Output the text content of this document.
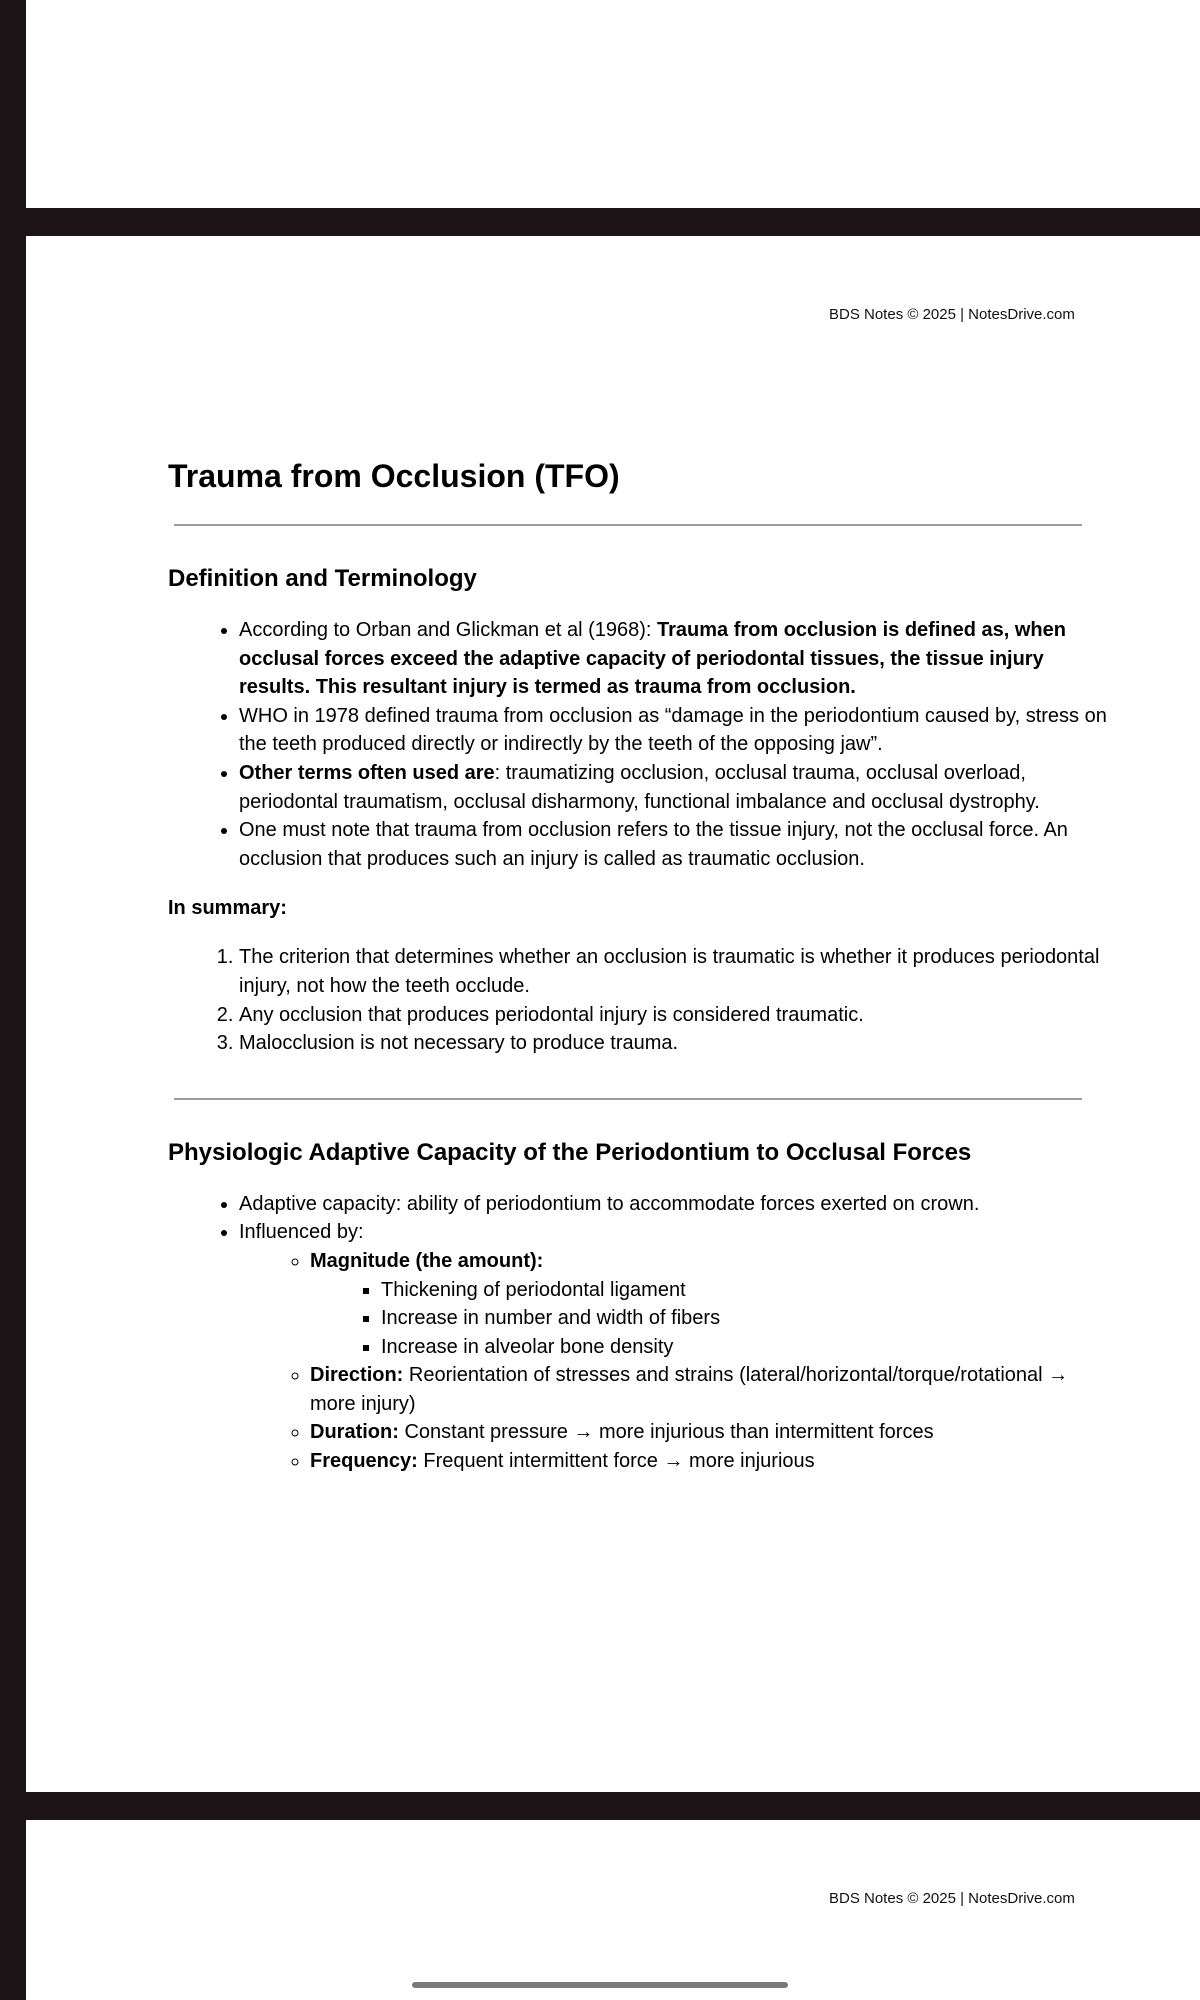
BDS Notes © 2025 | NotesDrive.com
Trauma from Occlusion (TFO)
Definition and Terminology
• According to Orban and Glickman et al (1968): Trauma from occlusion is defined as, when occlusal forces exceed the adaptive capacity of periodontal tissues, the tissue injury results. This resultant injury is termed as trauma from occlusion.
• WHO in 1978 defined trauma from occlusion as “damage in the periodontium caused by, stress on the teeth produced directly or indirectly by the teeth of the opposing jaw”.
• Other terms often used are: traumatizing occlusion, occlusal trauma, occlusal overload, periodontal traumatism, occlusal disharmony, functional imbalance and occlusal dystrophy.
• One must note that trauma from occlusion refers to the tissue injury, not the occlusal force. An occlusion that produces such an injury is called as traumatic occlusion.
In summary:
1. The criterion that determines whether an occlusion is traumatic is whether it produces periodontal injury, not how the teeth occlude.
2. Any occlusion that produces periodontal injury is considered traumatic.
3. Malocclusion is not necessary to produce trauma.
Physiologic Adaptive Capacity of the Periodontium to Occlusal Forces
• Adaptive capacity: ability of periodontium to accommodate forces exerted on crown.
• Influenced by:
◦ Magnitude (the amount):
▪ Thickening of periodontal ligament
▪ Increase in number and width of fibers
▪ Increase in alveolar bone density
◦ Direction: Reorientation of stresses and strains (lateral/horizontal/torque/rotational → more injury)
◦ Duration: Constant pressure → more injurious than intermittent forces
◦ Frequency: Frequent intermittent force → more injurious
BDS Notes © 2025 | NotesDrive.com
